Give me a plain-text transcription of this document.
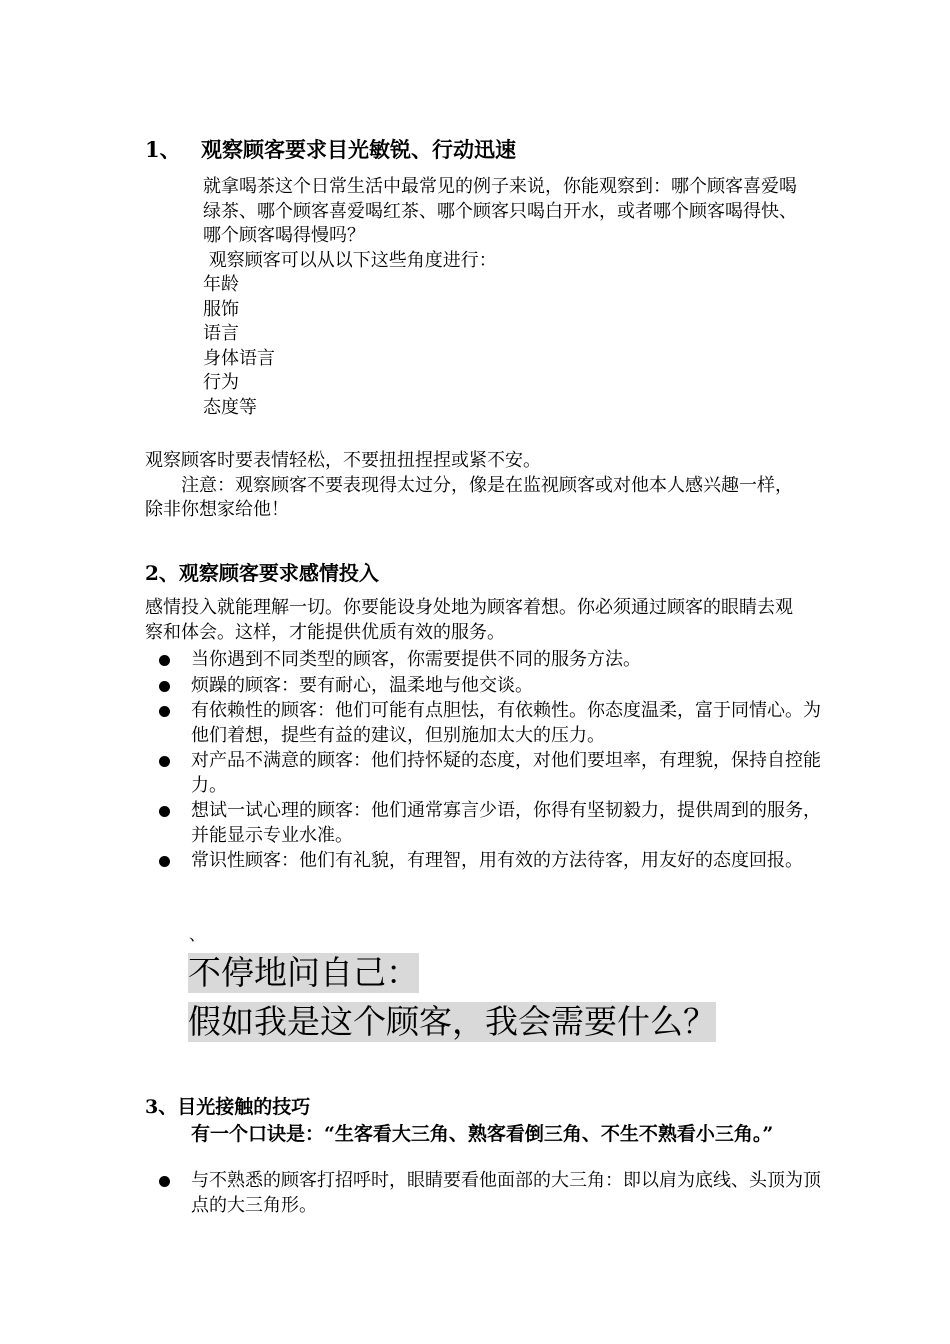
1、 观察顾客要求目光敏锐、行动迅速

就拿喝茶这个日常生活中最常见的例子来说，你能观察到：哪个顾客喜爱喝绿茶、哪个顾客喜爱喝红茶、哪个顾客只喝白开水，或者哪个顾客喝得快、哪个顾客喝得慢吗？

观察顾客可以从以下这些角度进行：

年龄

服饰

语言

身体语言

行为

态度等

观察顾客时要表情轻松，不要扭扭捏捏或紧不安。

注意：观察顾客不要表现得太过分，像是在监视顾客或对他本人感兴趣一样，除非你想家给他！

2、观察顾客要求感情投入

感情投入就能理解一切。你要能设身处地为顾客着想。你必须通过顾客的眼睛去观察和体会。这样，才能提供优质有效的服务。

当你遇到不同类型的顾客，你需要提供不同的服务方法。
烦躁的顾客：要有耐心，温柔地与他交谈。
有依赖性的顾客：他们可能有点胆怯，有依赖性。你态度温柔，富于同情心。为他们着想，提些有益的建议，但别施加太大的压力。
对产品不满意的顾客：他们持怀疑的态度，对他们要坦率，有理貌，保持自控能力。
想试一试心理的顾客：他们通常寡言少语，你得有坚韧毅力，提供周到的服务，并能显示专业水准。
常识性顾客：他们有礼貌，有理智，用有效的方法待客，用友好的态度回报。
、
不停地问自己：
假如我是这个顾客，我会需要什么？
3、目光接触的技巧

有一个口诀是：“生客看大三角、熟客看倒三角、不生不熟看小三角。”

与不熟悉的顾客打招呼时，眼睛要看他面部的大三角：即以肩为底线、头顶为顶点的大三角形。
